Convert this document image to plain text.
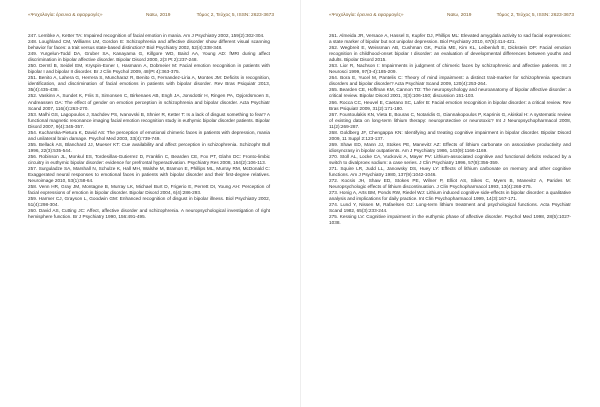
«Ψυχολογία: έρευνα & εφαρμογές»	Ναϊω, 2019	Τόμος 2, Τεύχος 5, ISSN: 2623-3673
247. Lembke A, Ketter TA: Impaired recognition of facial emotion in mania. Am J Psychiatry 2002, 159(2):302-304.
248. Loughland CM, Williams LM, Gordon E: Schizophrenia and affective disorder show different visual scanning behavior for faces: a trait versus state-based distinction? Biol Psychiatry 2002, 52(4):338-348.
249. Yurgelun-Todd DA, Gruber SA, Kanayama G, Killgore WD, Baird AA, Young AD: fMRI during affect discrimination in bipolar affective disorder. Bipolar Disord 2000, 2(3 Pt 2):237-248.
250. Derntl B, Seidel EM, Kryspin-Exner I, Hasmann A, Dobmeier M: Facial emotion recognition in patients with bipolar I and bipolar II disorder. Br J Clin Psychol 2009, 48(Pt 4):363-375.
251. Benito A, Lahera G, Herrera S, Muncharaz R, Benito G, Fernandez-Liria A, Montes JM: Deficits in recognition, identification, and discrimination of facial emotions in patients with bipolar disorder. Rev Bras Psiquiatr 2013, 35(4):435-438.
252. Vaskinn A, Sundet K, Friis S, Simonsen C, Birkenaes AB, Engh JA, Jonsdottir H, Ringen PA, Opjordsmoen S, Andreassen OA: The effect of gender on emotion perception in schizophrenia and bipolar disorder. Acta Psychiatr Scand 2007, 116(4):263-270.
253. Malhi GS, Lagopoulos J, Sachdev PS, Ivanovski B, Shnier R, Ketter T: Is a lack of disgust something to fear? A functional magnetic resonance imaging facial emotion recognition study in euthymic bipolar disorder patients. Bipolar Disord 2007, 9(4):345-357.
254. Kucharska-Pietura K, David AS: The perception of emotional chimeric faces in patients with depression, mania and unilateral brain damage. Psychol Med 2003, 33(4):739-749.
255. Bellack AS, Blanchard JJ, Mueser KT: Cue availability and affect perception in schizophrenia. Schizophr Bull 1996, 22(3):535-544.
256. Robinson JL, Monkul ES, Tordesillas-Gutierrez D, Franklin C, Bearden CE, Fox PT, Glahn DC: Fronto-limbic circuitry in euthymic bipolar disorder: evidence for prefrontal hyperactivation. Psychiatry Res 2008, 164(2):106-113.
257. Surguladze SA, Marshall N, Schulze K, Hall MH, Walshe M, Bramon E, Phillips ML, Murray RM, McDonald C: Exaggerated neural responses to emotional faces in patients with bipolar disorder and their first-degree relatives. Neuroimage 2010, 53(1):58-64.
258. Venn HR, Gray JM, Montagne B, Murray LK, Michael Burt D, Frigerio E, Perrett DI, Young AH: Perception of facial expressions of emotion in bipolar disorder. Bipolar Disord 2004, 6(4):286-293.
259. Harmer CJ, Grayson L, Goodwin GM: Enhanced recognition of disgust in bipolar illness. Biol Psychiatry 2002, 51(4):298-304.
260. David AS, Cutting JC: Affect, affective disorder and schizophrenia. A neuropsychological investigation of right hemisphere function. Br J Psychiatry 1990, 156:491-495.
«Ψυχολογία: έρευνα & εφαρμογές»	Ναϊω, 2019	Τόμος 2, Τεύχος 5, ISSN: 2623-3673
261. Almeida JR, Versace A, Hassel S, Kupfer DJ, Phillips ML: Elevated amygdala activity to sad facial expressions: a state marker of bipolar but not unipolar depression. Biol Psychiatry 2010, 67(5):414-421.
262. Wegbreit E, Weissman AB, Cushman GK, Puzia ME, Kim KL, Leibenluft E, Dickstein DP: Facial emotion recognition in childhood-onset bipolar I disorder: an evaluation of developmental differences between youths and adults. Bipolar Disord 2015.
263. Lior R, Nachson I: Impairments in judgment of chimeric faces by schizophrenic and affective patients. Int J Neurosci 1999, 97(3-4):185-209.
264. Bora E, Yucel M, Pantelis C: Theory of mind impairment: a distinct trait-marker for schizophrenia spectrum disorders and bipolar disorder? Acta Psychiatr Scand 2009, 120(4):253-264.
265. Bearden CE, Hoffman KM, Cannon TD: The neuropsychology and neuroanatomy of bipolar affective disorder: a critical review. Bipolar Disord 2001, 3(3):106-150; discussion 151-103.
266. Rocca CC, Heuvel E, Caetano SC, Lafer B: Facial emotion recognition in bipolar disorder: a critical review. Rev Bras Psiquiatr 2009, 31(2):171-180.
267. Fountoulakis KN, Vieta E, Bouras C, Notaridis G, Giannakopoulos P, Kaprinis G, Akiskal H: A systematic review of existing data on long-term lithium therapy: neuroprotective or neurotoxic? Int J Neuropsychopharmacol 2008, 11(2):269-287.
268. Goldberg JF, Chengappa KN: Identifying and treating cognitive impairment in bipolar disorder. Bipolar Disord 2009, 11 Suppl 2:123-137.
269. Shaw ED, Mann JJ, Stokes PE, Manevitz AZ: Effects of lithium carbonate on associative productivity and idiosyncrasy in bipolar outpatients. Am J Psychiatry 1986, 143(9):1166-1169.
270. Stoll AL, Locke CA, Vuckovic A, Mayer PV: Lithium-associated cognitive and functional deficits reduced by a switch to divalproex sodium: a case series. J Clin Psychiatry 1996, 57(8):356-359.
271. Squire LR, Judd LL, Janowsky DS, Huey LY: Effects of lithium carbonate on memory and other cognitive functions. Am J Psychiatry 1980, 137(9):1042-1046.
272. Kocsis JH, Shaw ED, Stokes PE, Wilner P, Elliot AS, Sikes C, Myers B, Manevitz A, Parides M: Neuropsychologic effects of lithium discontinuation. J Clin Psychopharmacol 1993, 13(4):268-275.
273. Honig A, Arts BM, Ponds RW, Riedel WJ: Lithium induced cognitive side-effects in bipolar disorder: a qualitative analysis and implications for daily practice. Int Clin Psychopharmacol 1999, 14(3):167-171.
274. Lund Y, Nissen M, Rafaelsen OJ: Long-term lithium treatment and psychological functions. Acta Psychiatr Scand 1982, 65(3):233-244.
275. Kessing LV: Cognitive impairment in the euthymic phase of affective disorder. Psychol Med 1998, 28(5):1027-1038.
